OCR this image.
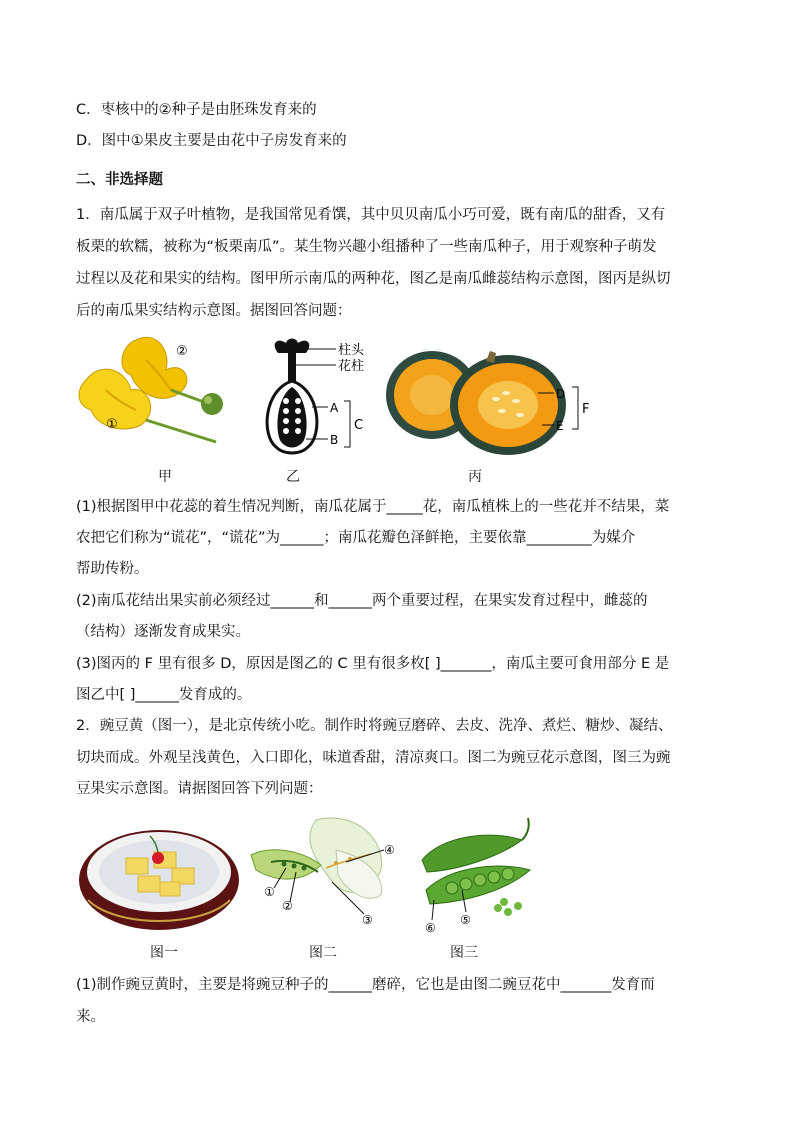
C．枣核中的②种子是由胚珠发育来的
D．图中①果皮主要是由花中子房发育来的
二、非选择题
1．南瓜属于双子叶植物，是我国常见肴馔，其中贝贝南瓜小巧可爱，既有南瓜的甜香，又有
板栗的软糯，被称为“板栗南瓜”。某生物兴趣小组播种了一些南瓜种子，用于观察种子萌发
过程以及花和果实的结构。图甲所示南瓜的两种花，图乙是南瓜雌蕊结构示意图，图丙是纵切
后的南瓜果实结构示意图。据图回答问题：
②
①
甲
柱头
花柱
A
B
C
乙
D
E
F
丙
(1)根据图甲中花蕊的着生情况判断，南瓜花属于_____花，南瓜植株上的一些花并不结果，菜
农把它们称为“谎花”，“谎花”为______；南瓜花瓣色泽鲜艳，主要依靠_________为媒介
帮助传粉。
(2)南瓜花结出果实前必须经过______和______两个重要过程，在果实发育过程中，雌蕊的
（结构）逐渐发育成果实。
(3)图丙的 F 里有很多 D，原因是图乙的 C 里有很多枚[ ]_______，南瓜主要可食用部分 E 是
图乙中[ ]______发育成的。
2．豌豆黄（图一），是北京传统小吃。制作时将豌豆磨碎、去皮、洗净、煮烂、糖炒、凝结、
切块而成。外观呈浅黄色，入口即化，味道香甜，清凉爽口。图二为豌豆花示意图，图三为豌
豆果实示意图。请据图回答下列问题：
图一
①
②
③
④
图二
⑥
⑤
图三
(1)制作豌豆黄时，主要是将豌豆种子的______磨碎，它也是由图二豌豆花中_______发育而
来。
